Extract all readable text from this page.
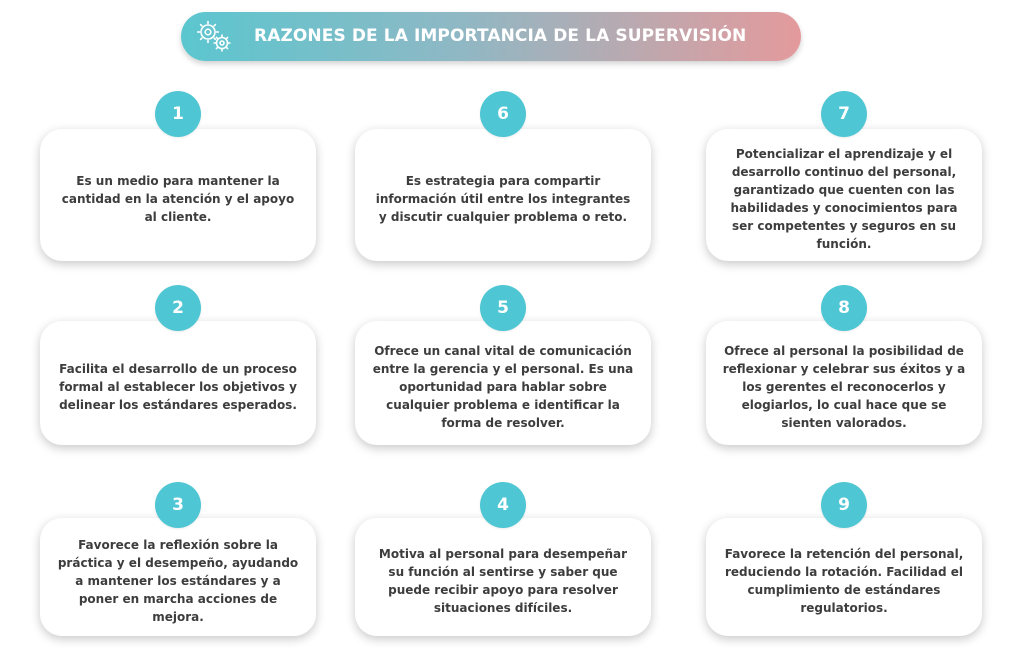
RAZONES DE LA IMPORTANCIA DE LA SUPERVISIÓN
Es un medio para mantener la cantidad en la atención y el apoyo al cliente.
1
Es estrategia para compartir información útil entre los integrantes y discutir cualquier problema o reto.
6
Potencializar el aprendizaje y el desarrollo continuo del personal, garantizado que cuenten con las habilidades y conocimientos para ser competentes y seguros en su función.
7
Facilita el desarrollo de un proceso formal al establecer los objetivos y delinear los estándares esperados.
2
Ofrece un canal vital de comunicación entre la gerencia y el personal. Es una oportunidad para hablar sobre cualquier problema e identificar la forma de resolver.
5
Ofrece al personal la posibilidad de reflexionar y celebrar sus éxitos y a los gerentes el reconocerlos y elogiarlos, lo cual hace que se sienten valorados.
8
Favorece la reflexión sobre la práctica y el desempeño, ayudando a mantener los estándares y a poner en marcha acciones de mejora.
3
Motiva al personal para desempeñar su función al sentirse y saber que puede recibir apoyo para resolver situaciones difíciles.
4
Favorece la retención del personal, reduciendo la rotación. Facilidad el cumplimiento de estándares regulatorios.
9
